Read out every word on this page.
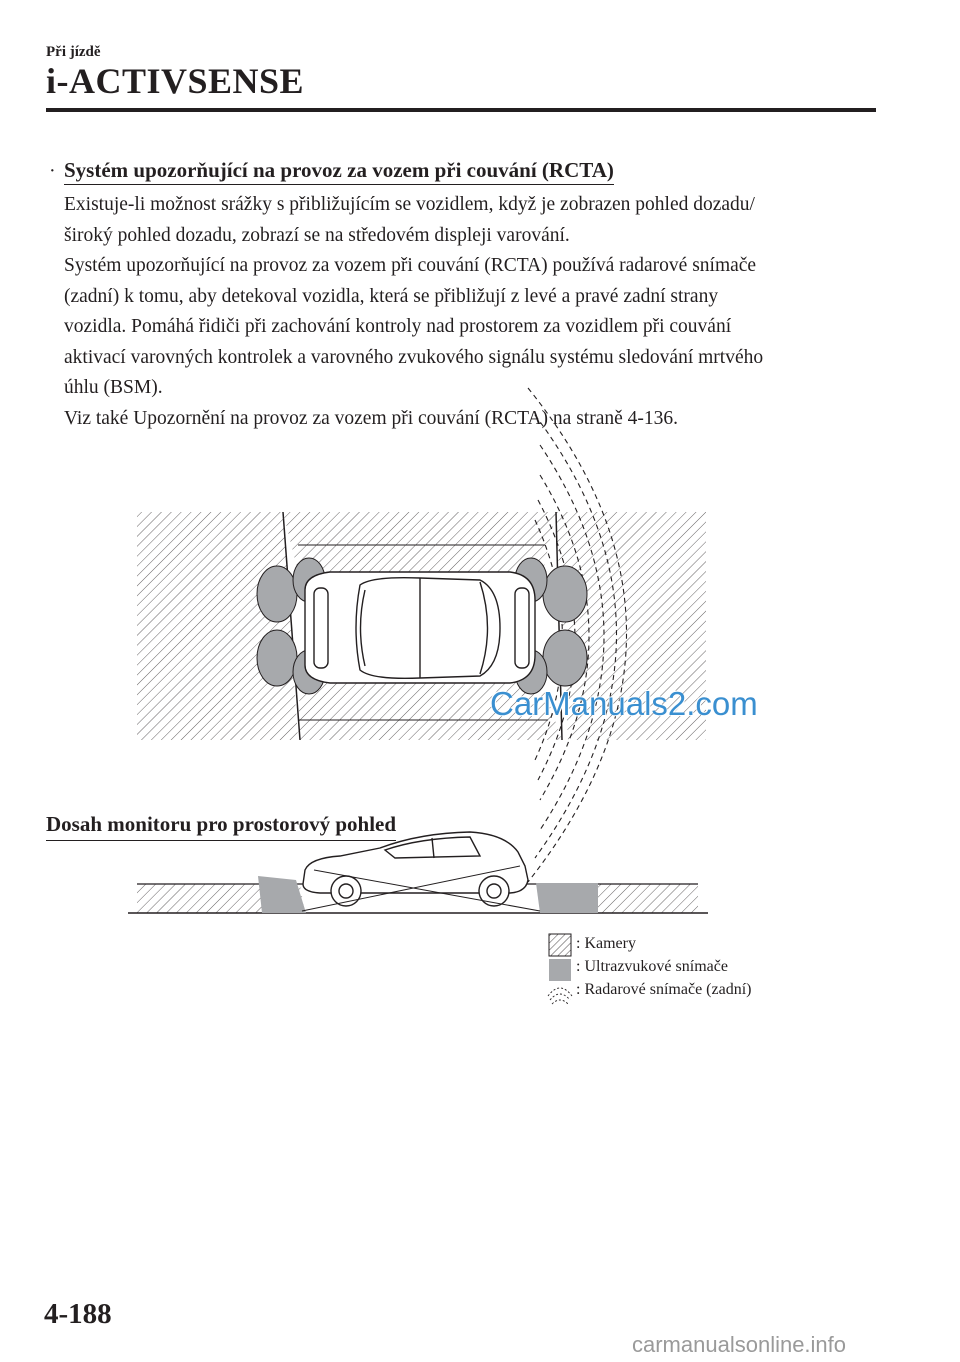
Při jízdě
i-ACTIVSENSE
· Systém upozorňující na provoz za vozem při couvání (RCTA)

Existuje-li možnost srážky s přibližujícím se vozidlem, když je zobrazen pohled dozadu/

široký pohled dozadu, zobrazí se na středovém displeji varování.

Systém upozorňující na provoz za vozem při couvání (RCTA) používá radarové snímače

(zadní) k tomu, aby detekoval vozidla, která se přibližují z levé a pravé zadní strany

vozidla. Pomáhá řidiči při zachování kontroly nad prostorem za vozidlem při couvání

aktivací varovných kontrolek a varovného zvukového signálu systému sledování mrtvého

úhlu (BSM).

Viz také Upozornění na provoz za vozem při couvání (RCTA) na straně 4-136.

Dosah monitoru pro prostorový pohled
: Kamery
: Ultrazvukové snímače
: Radarové snímače (zadní)
CarManuals2.com
4-188
carmanualsonline.info
